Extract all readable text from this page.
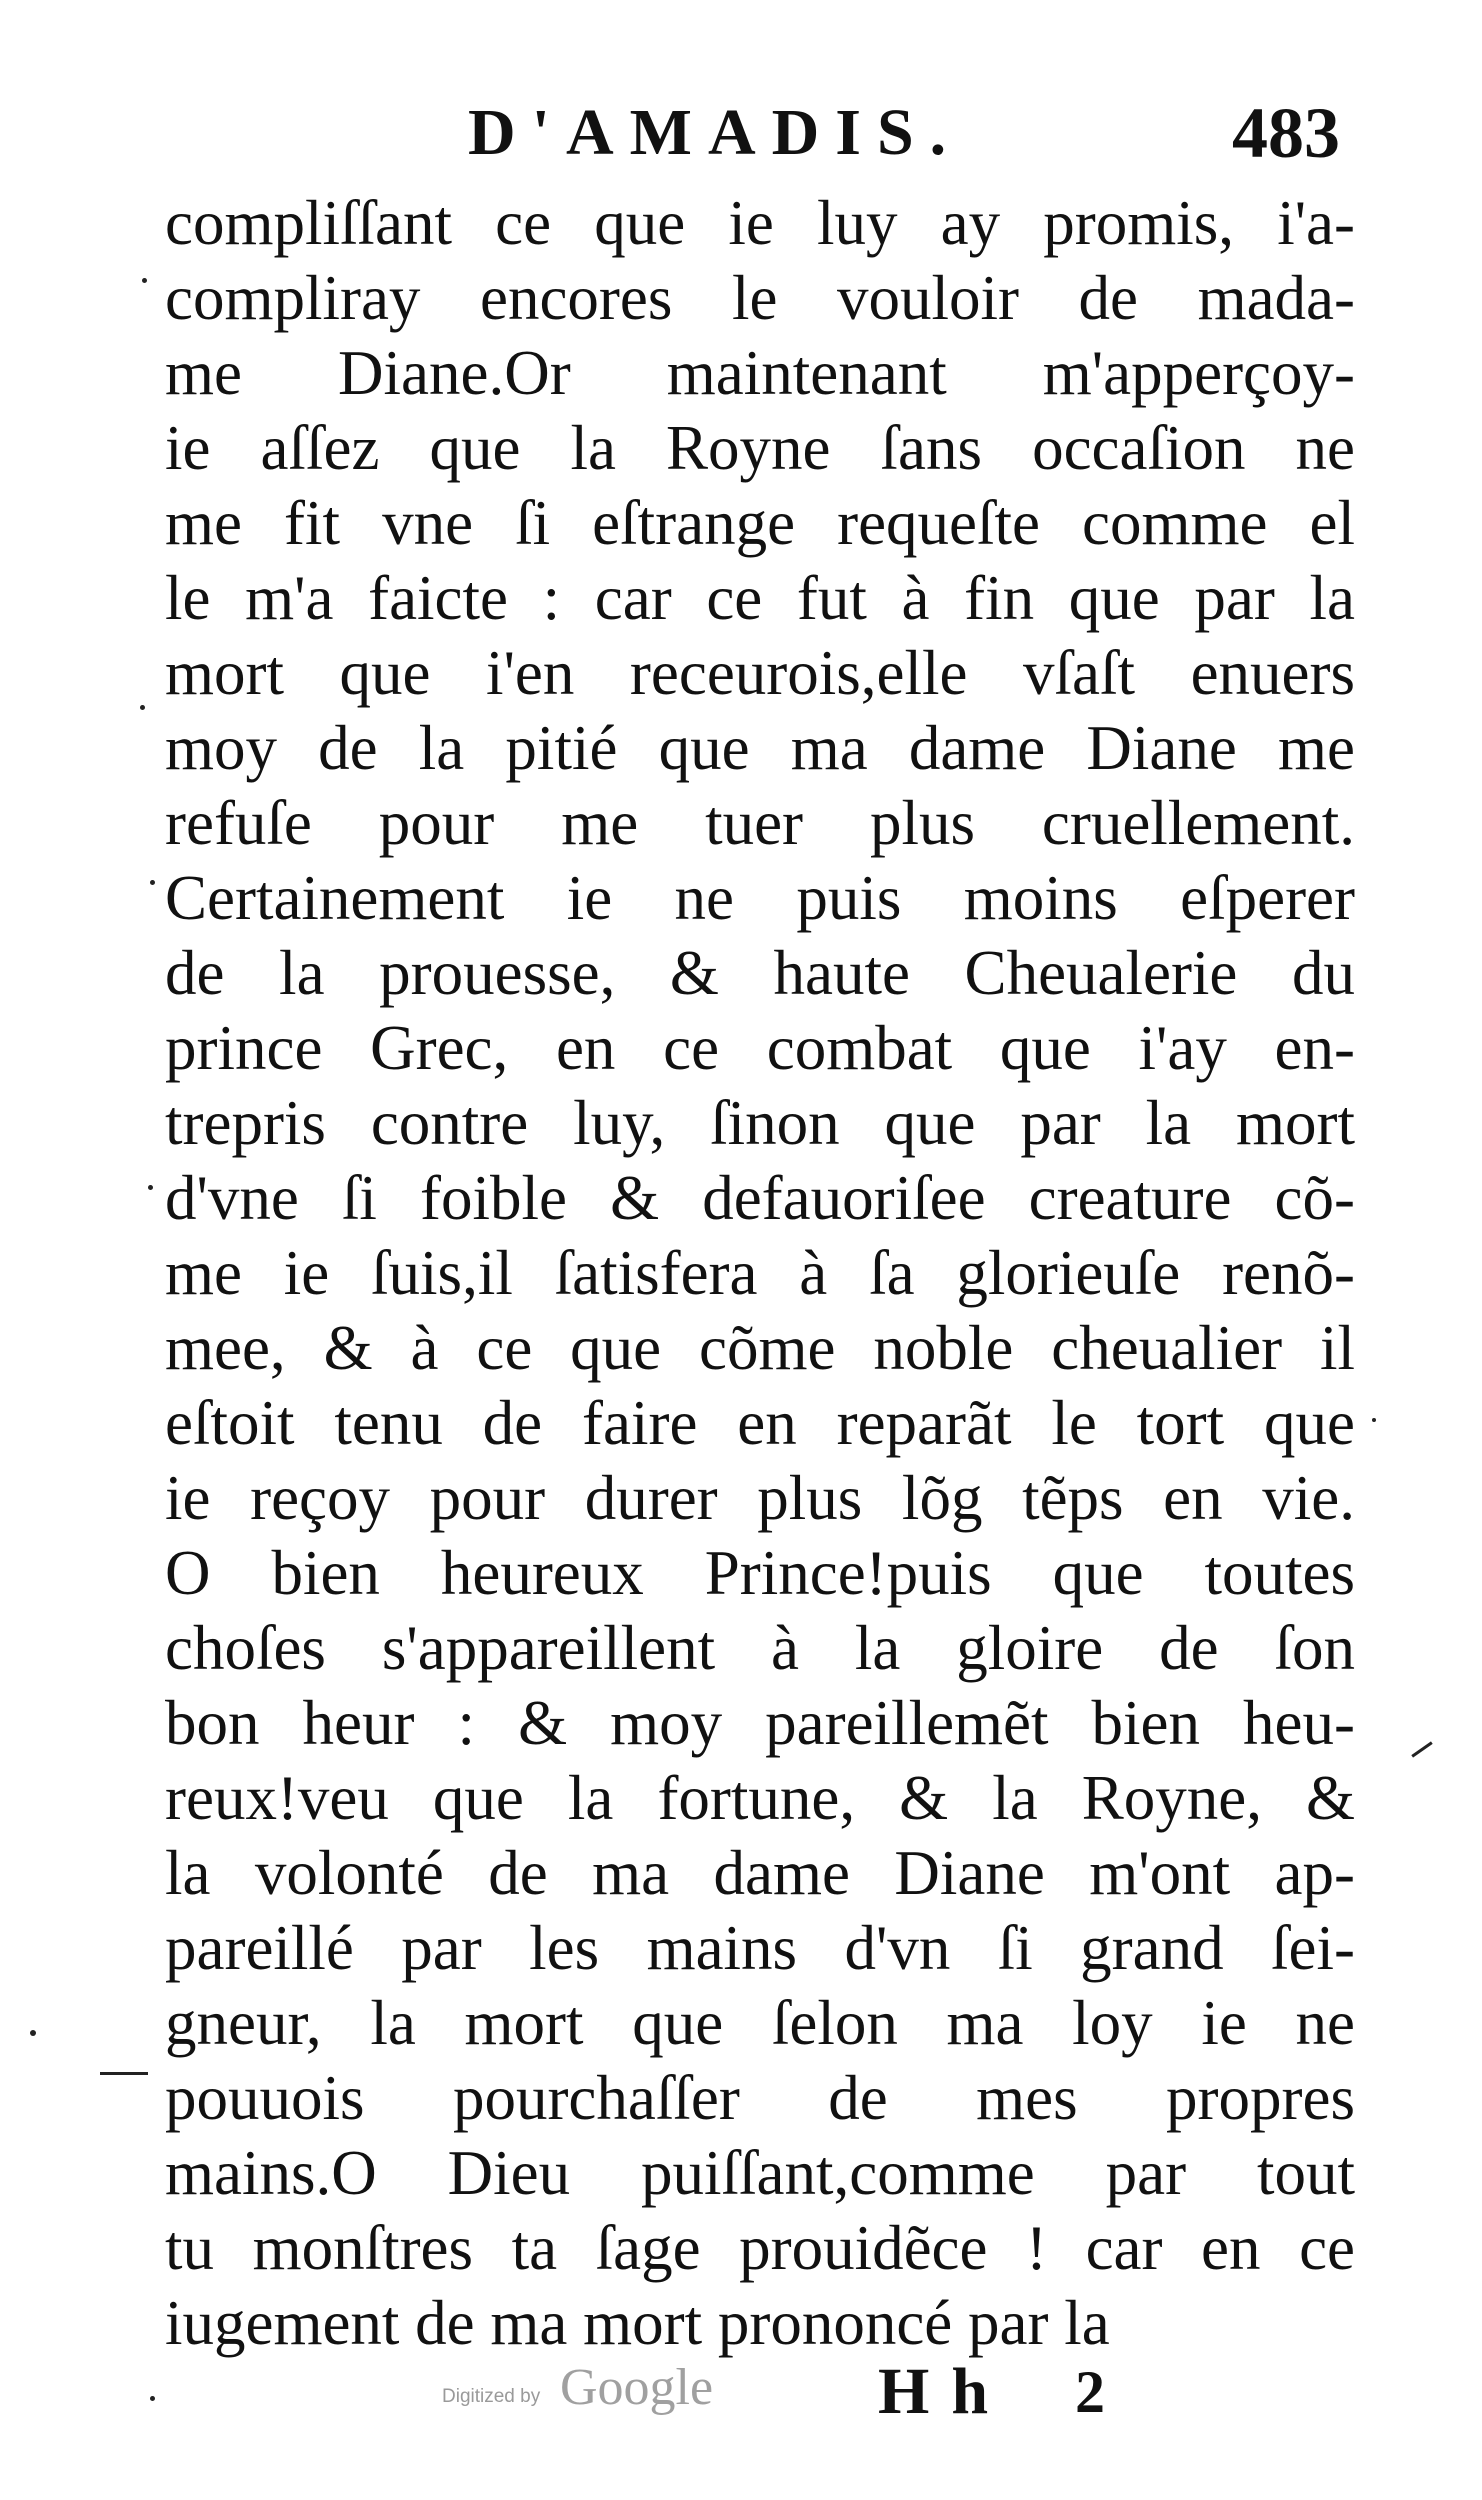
D'AMADIS.	483
compliſſant ce que ie luy ay promis, i'a-
compliray encores le vouloir de mada-
me Diane.Or maintenant m'apperçoy-
ie aſſez que la Royne ſans occaſion ne
me fit vne ſi eſtrange requeſte comme el
le m'a faicte : car ce fut à fin que par la
mort que i'en receurois,elle vſaſt enuers
moy de la pitié que ma dame Diane me
refuſe pour me tuer plus cruellement.
Certainement ie ne puis moins eſperer
de la prouesse, & haute Cheualerie du
prince Grec, en ce combat que i'ay en-
trepris contre luy, ſinon que par la mort
d'vne ſi foible & defauoriſee creature cõ-
me ie ſuis,il ſatisfera à ſa glorieuſe renõ-
mee, & à ce que cõme noble cheualier il
eſtoit tenu de faire en reparãt le tort que
ie reçoy pour durer plus lõg tẽps en vie.
O bien heureux Prince!puis que toutes
choſes s'appareillent à la gloire de ſon
bon heur : & moy pareillemẽt bien heu-
reux!veu que la fortune, & la Royne, &
la volonté de ma dame Diane m'ont ap-
pareillé par les mains d'vn ſi grand ſei-
gneur, la mort que ſelon ma loy ie ne
pouuois pourchaſſer de mes propres
mains.O Dieu puiſſant,comme par tout
tu monſtres ta ſage prouidẽce ! car en ce
iugement de ma mort prononcé par la
Digitized by Google Hh 2
